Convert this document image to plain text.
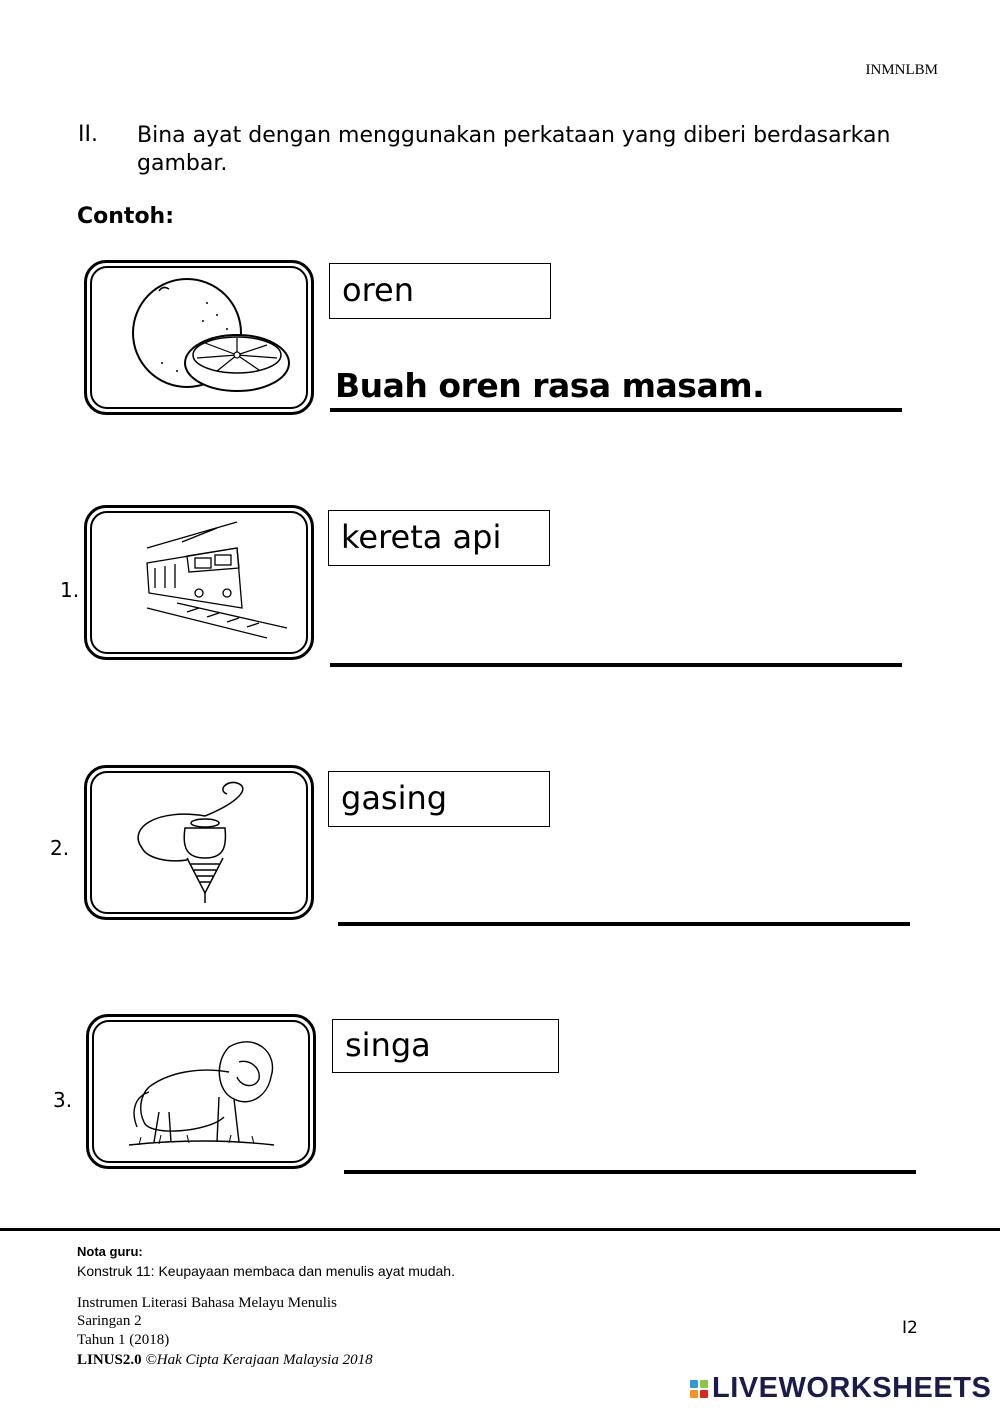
INMNLBM
II. Bina ayat dengan menggunakan perkataan yang diberi berdasarkan gambar.
Contoh:
oren
Buah oren rasa masam.
1.
kereta api
2.
gasing
3.
singa
Nota guru:
Konstruk 11: Keupayaan membaca dan menulis ayat mudah.
Instrumen Literasi Bahasa Melayu Menulis
Saringan 2
Tahun 1 (2018)
LINUS2.0 ©Hak Cipta Kerajaan Malaysia 2018
I2
LIVEWORKSHEETS
